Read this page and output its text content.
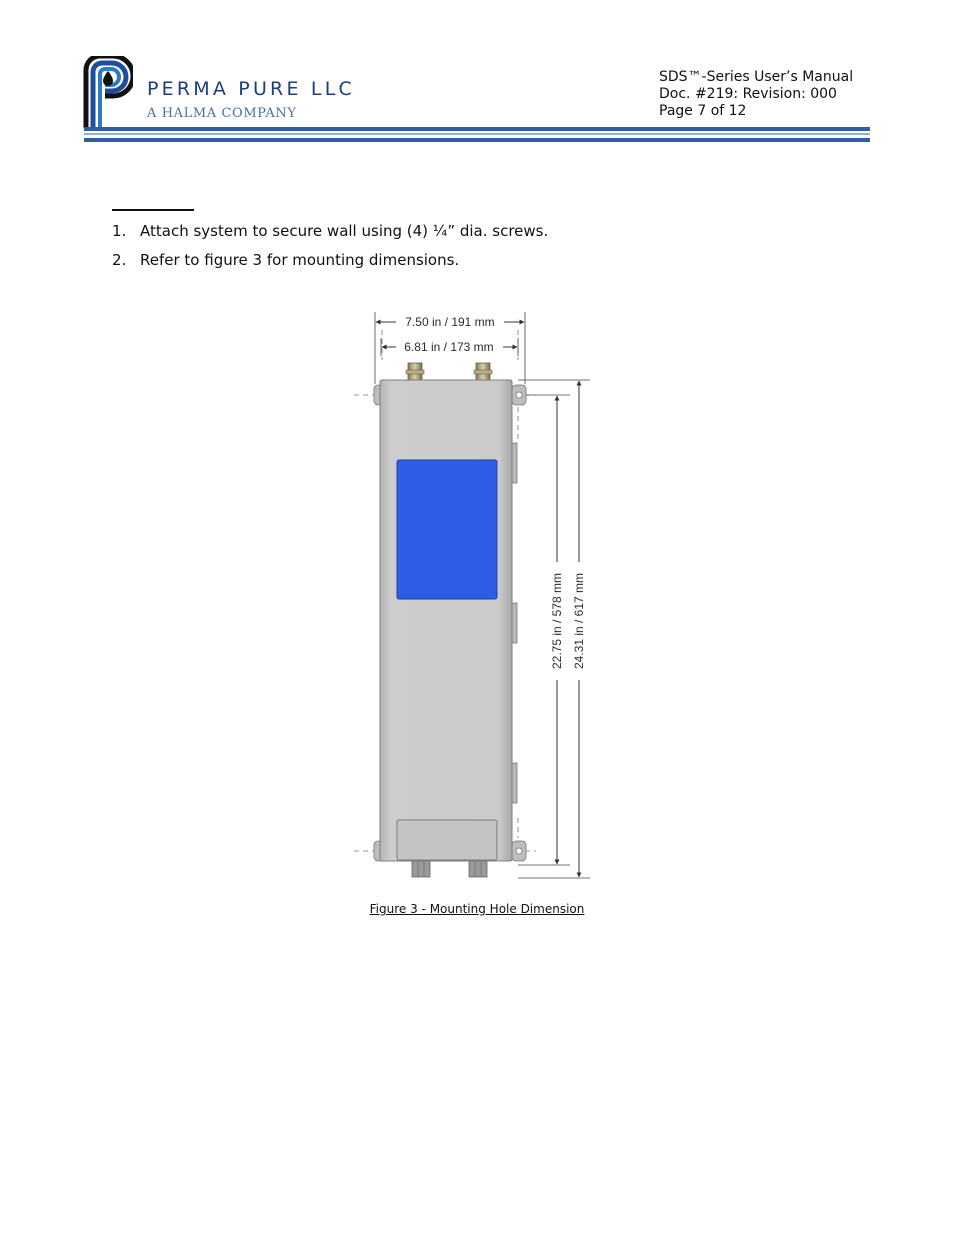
PERMA PURE LLC
A HALMA COMPANY
SDS™-Series User’s Manual
Doc. #219: Revision: 000
Page 7 of 12
1. Attach system to secure wall using (4) ¼” dia. screws.
2. Refer to figure 3 for mounting dimensions.
7.50 in / 191 mm
6.81 in / 173 mm
22.75 in / 578 mm 24.31 in / 617 mm
Figure 3 - Mounting Hole Dimension
